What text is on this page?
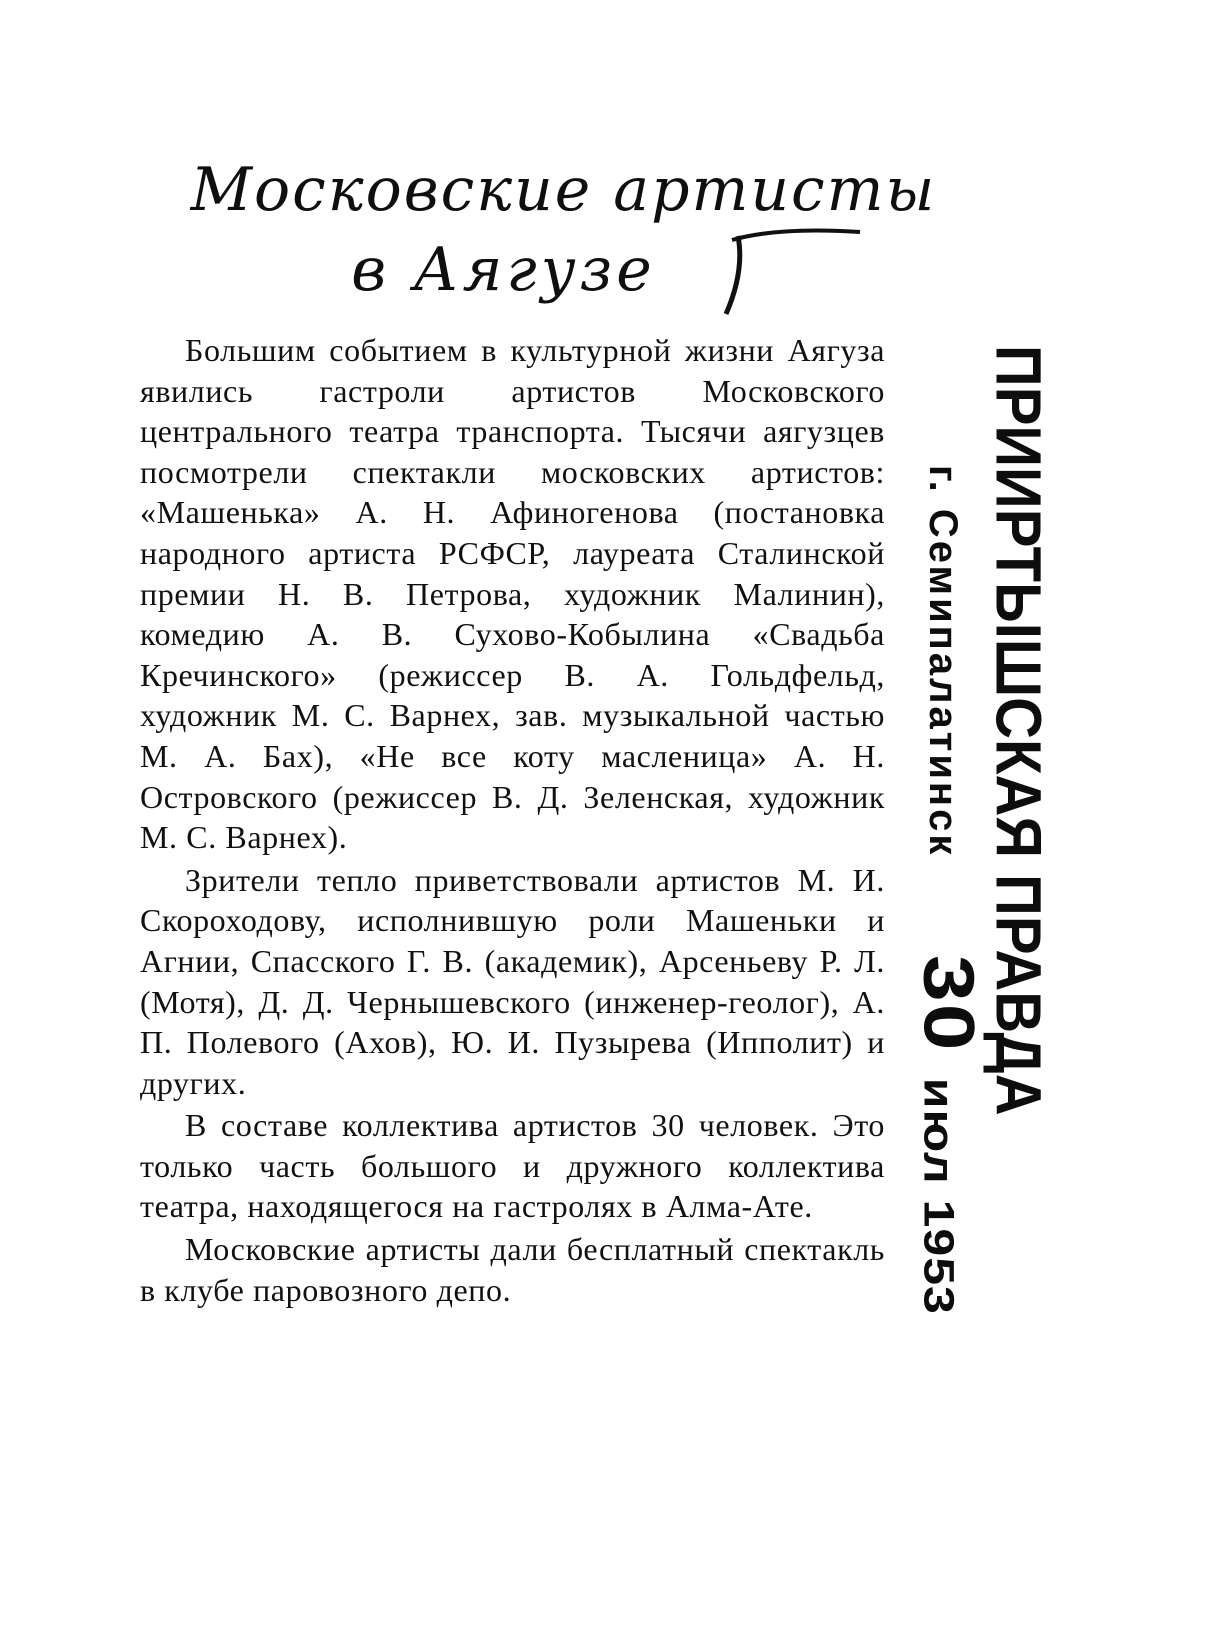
Московские артисты
в Аягузе

Большим событием в культурной жизни Аягуза явились гастроли артистов Московского центрального театра транспорта. Тысячи аягузцев посмотрели спектакли московских артистов: «Машенька» А. Н. Афиногенова (постановка народного артиста РСФСР, лауреата Сталинской премии Н. В. Петрова, художник Малинин), комедию А. В. Сухово-Кобылина «Свадьба Кречинского» (режиссер В. А. Гольдфельд, художник М. С. Варнех, зав. музыкальной частью М. А. Бах), «Не все коту масленица» А. Н. Островского (режиссер В. Д. Зеленская, художник М. С. Варнех).

Зрители тепло приветствовали артистов М. И. Скороходову, исполнившую роли Машеньки и Агнии, Спасского Г. В. (академик), Арсеньеву Р. Л. (Мотя), Д. Д. Чернышевского (инженер-геолог), А. П. Полевого (Ахов), Ю. И. Пузырева (Ипполит) и других.

В составе коллектива артистов 30 человек. Это только часть большого и дружного коллектива театра, находящегося на гастролях в Алма-Ате.

Московские артисты дали бесплатный спектакль в клубе паровозного депо.

ПРИИРТЫШСКАЯ ПРАВДА
г. Семипалатинск
30 июл 1953
